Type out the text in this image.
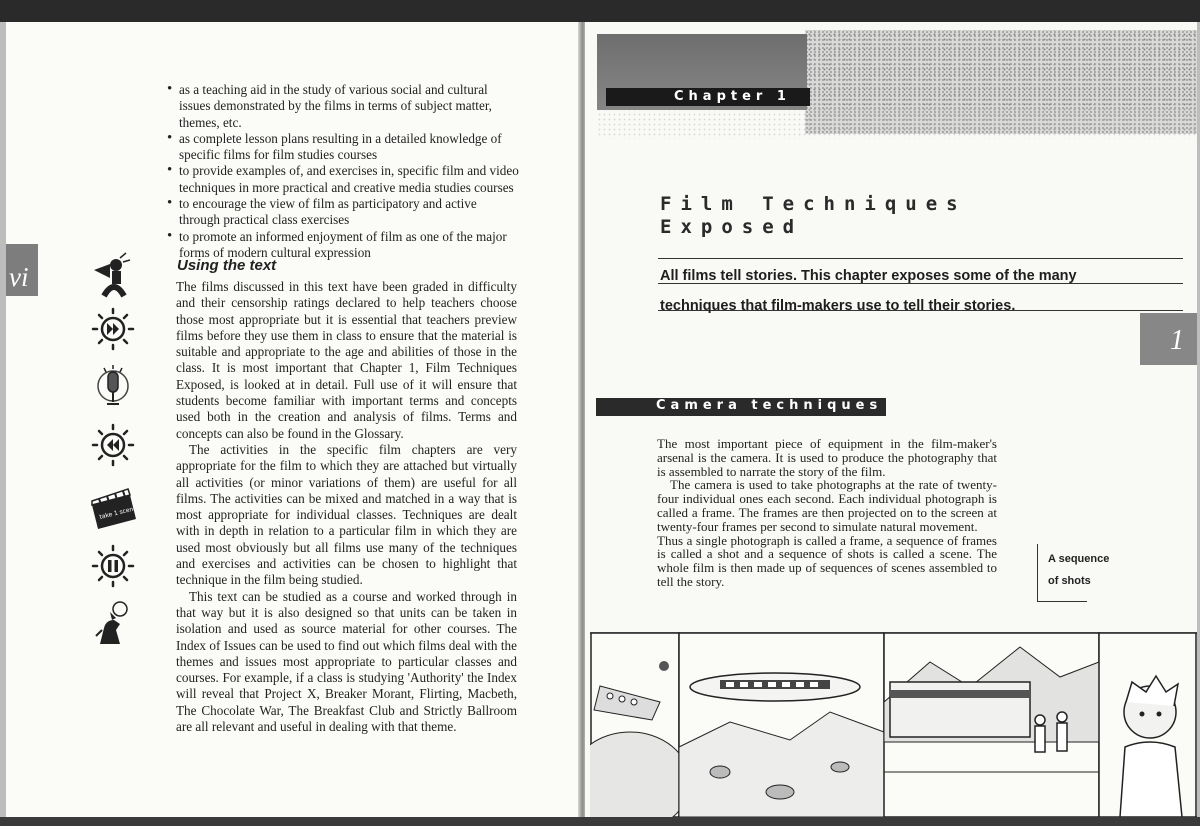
vi
• as a teaching aid in the study of various social and cultural issues demonstrated by the films in terms of subject matter, themes, etc.
• as complete lesson plans resulting in a detailed knowledge of specific films for film studies courses
• to provide examples of, and exercises in, specific film and video techniques in more practical and creative media studies courses
• to encourage the view of film as participatory and active through practical class exercises
• to promote an informed enjoyment of film as one of the major forms of modern cultural expression
Using the text

The films discussed in this text have been graded in difficulty and their censorship ratings declared to help teachers choose those most appropriate but it is essential that teachers preview films before they use them in class to ensure that the material is suitable and appropriate to the age and abilities of those in the class. It is most important that Chapter 1, Film Techniques Exposed, is looked at in detail. Full use of it will ensure that students become familiar with important terms and concepts used both in the creation and analysis of films. Terms and concepts can also be found in the Glossary.

The activities in the specific film chapters are very appropriate for the film to which they are attached but virtually all activities (or minor variations of them) are useful for all films. The activities can be mixed and matched in a way that is most appropriate for individual classes. Techniques are dealt with in depth in relation to a particular film in which they are used most obviously but all films use many of the techniques and exercises and activities can be chosen to highlight that technique in the film being studied.

This text can be studied as a course and worked through in that way but it is also designed so that units can be taken in isolation and used as source material for other courses. The Index of Issues can be used to find out which films deal with the themes and issues most appropriate to particular classes and courses. For example, if a class is studying 'Authority' the Index will reveal that Project X, Breaker Morant, Flirting, Macbeth, The Chocolate War, The Breakfast Club and Strictly Ballroom are all relevant and useful in dealing with that theme.

take 1 scene
Chapter 1
Film Techniques
Exposed
All films tell stories. This chapter exposes some of the many
techniques that film-makers use to tell their stories.
1
Camera techniques

The most important piece of equipment in the film-maker's arsenal is the camera. It is used to produce the photography that is assembled to narrate the story of the film.

The camera is used to take photographs at the rate of twenty-four individual ones each second. Each individual photograph is called a frame. The frames are then projected on to the screen at twenty-four frames per second to simulate natural movement.

Thus a single photograph is called a frame, a sequence of frames is called a shot and a sequence of shots is called a scene. The whole film is then made up of sequences of scenes assembled to tell the story.

A sequence
of shots
